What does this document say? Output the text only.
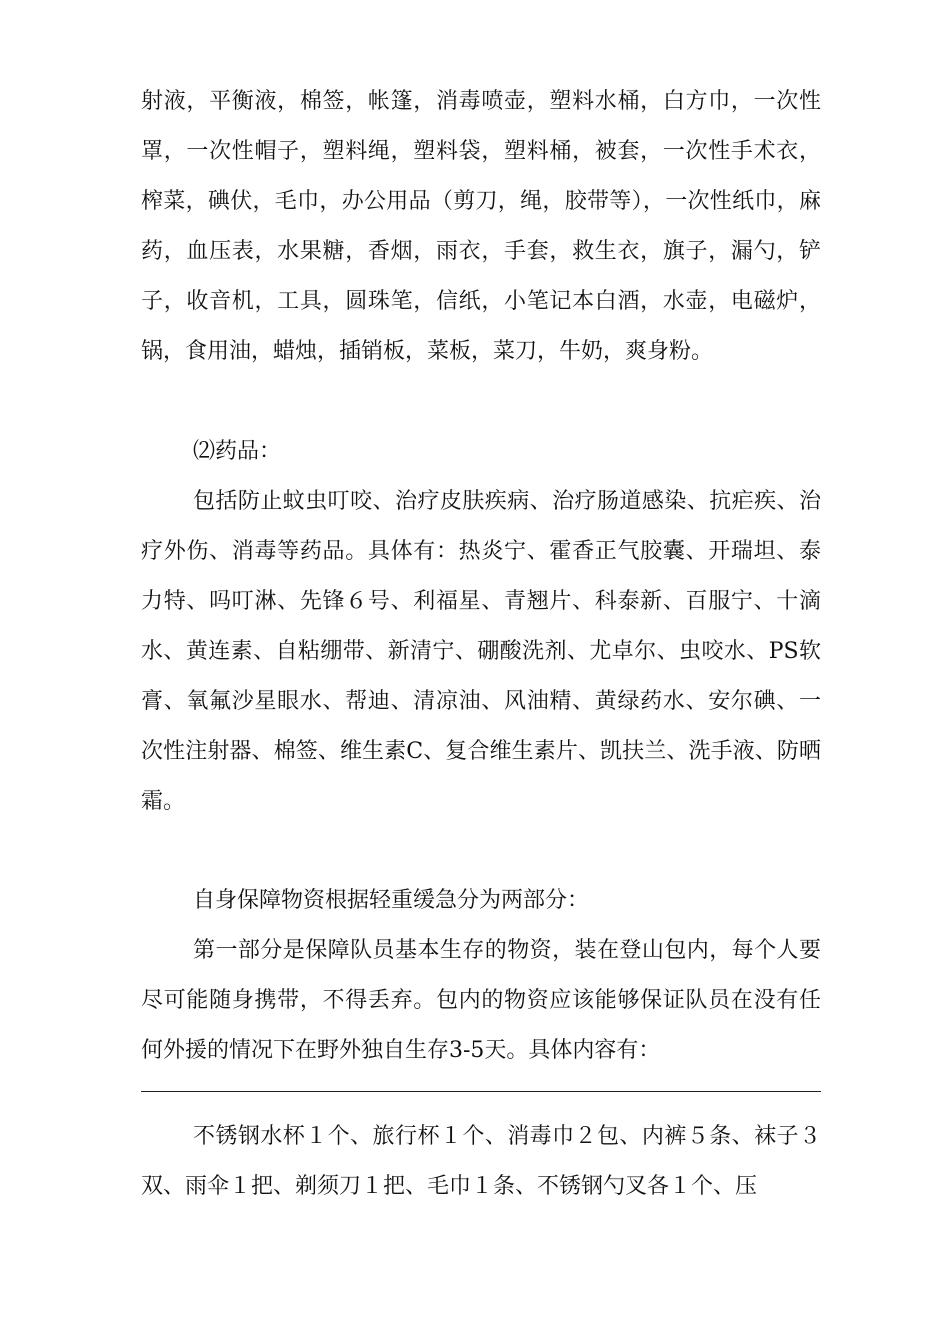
射液，平衡液，棉签，帐篷，消毒喷壶，塑料水桶，白方巾，一次性罩，一次性帽子，塑料绳，塑料袋，塑料桶，被套，一次性手术衣，榨菜，碘伏，毛巾，办公用品（剪刀，绳，胶带等），一次性纸巾，麻药，血压表，水果糖，香烟，雨衣，手套，救生衣，旗子，漏勺，铲子，收音机，工具，圆珠笔，信纸，小笔记本白酒，水壶，电磁炉，锅，食用油，蜡烛，插销板，菜板，菜刀，牛奶，爽身粉。
⑵药品：
包括防止蚊虫叮咬、治疗皮肤疾病、治疗肠道感染、抗疟疾、治疗外伤、消毒等药品。具体有：热炎宁、霍香正气胶囊、开瑞坦、泰力特、吗叮淋、先锋６号、利福星、青翘片、科泰新、百服宁、十滴水、黄连素、自粘绷带、新清宁、硼酸洗剂、尤卓尔、虫咬水、PS软膏、氧氟沙星眼水、帮迪、清凉油、风油精、黄绿药水、安尔碘、一次性注射器、棉签、维生素C、复合维生素片、凯扶兰、洗手液、防晒霜。
自身保障物资根据轻重缓急分为两部分：
第一部分是保障队员基本生存的物资，装在登山包内，每个人要尽可能随身携带，不得丢弃。包内的物资应该能够保证队员在没有任何外援的情况下在野外独自生存3-5天。具体内容有：
不锈钢水杯１个、旅行杯１个、消毒巾２包、内裤５条、袜子３双、雨伞１把、剃须刀１把、毛巾１条、不锈钢勺叉各１个、压
